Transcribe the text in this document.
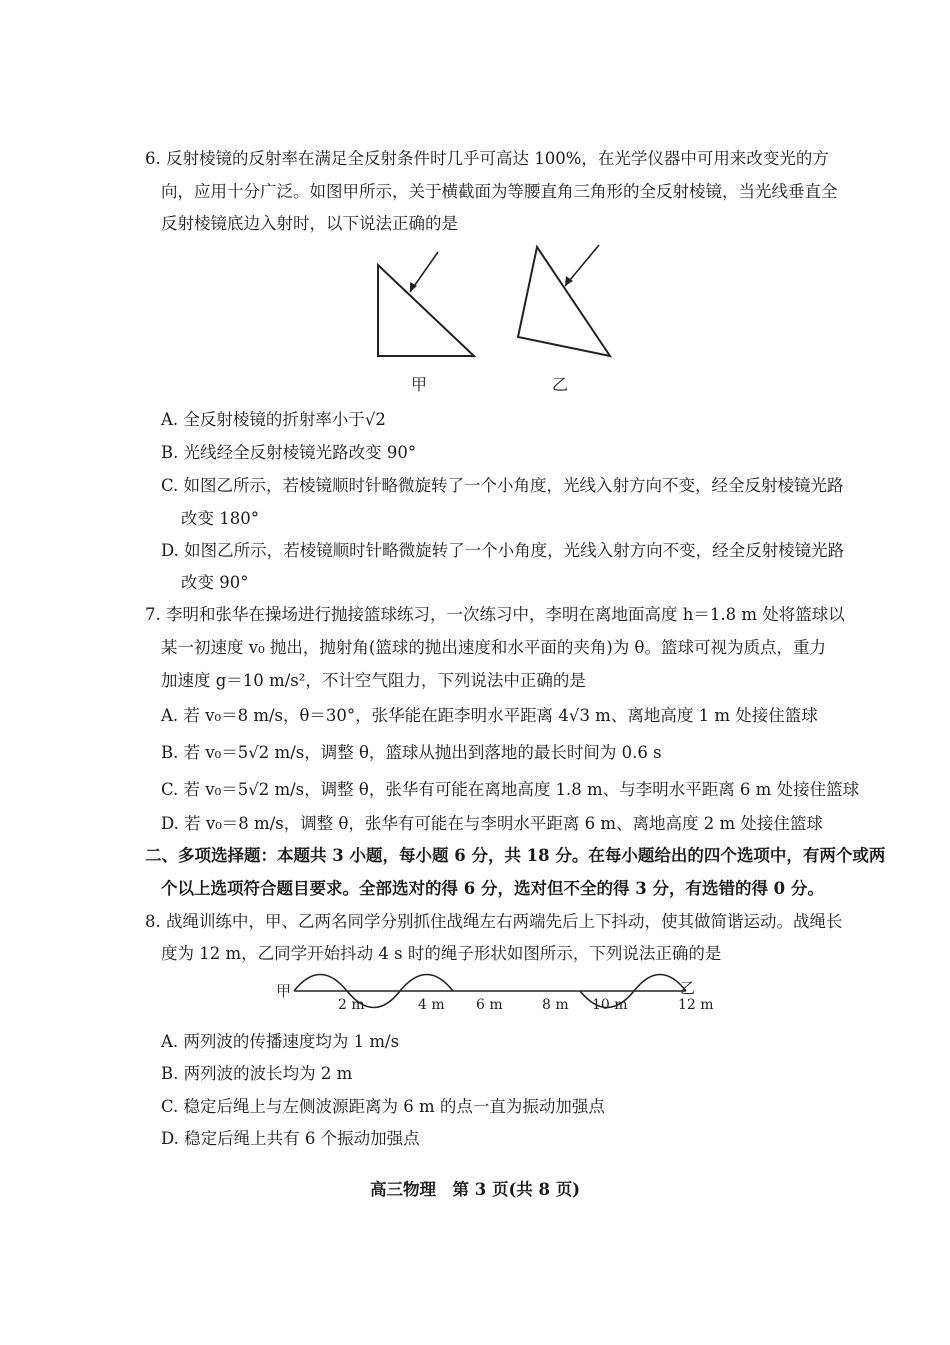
6. 反射棱镜的反射率在满足全反射条件时几乎可高达 100%，在光学仪器中可用来改变光的方
向，应用十分广泛。如图甲所示，关于横截面为等腰直角三角形的全反射棱镜，当光线垂直全
反射棱镜底边入射时，以下说法正确的是
甲	乙
A. 全反射棱镜的折射率小于√2
B. 光线经全反射棱镜光路改变 90°
C. 如图乙所示，若棱镜顺时针略微旋转了一个小角度，光线入射方向不变，经全反射棱镜光路
改变 180°
D. 如图乙所示，若棱镜顺时针略微旋转了一个小角度，光线入射方向不变，经全反射棱镜光路
改变 90°
7. 李明和张华在操场进行抛接篮球练习，一次练习中，李明在离地面高度 h＝1.8 m 处将篮球以
某一初速度 v₀ 抛出，抛射角(篮球的抛出速度和水平面的夹角)为 θ。篮球可视为质点，重力
加速度 g＝10 m/s²，不计空气阻力，下列说法中正确的是
A. 若 v₀＝8 m/s，θ＝30°，张华能在距李明水平距离 4√3 m、离地高度 1 m 处接住篮球
B. 若 v₀＝5√2 m/s，调整 θ，篮球从抛出到落地的最长时间为 0.6 s
C. 若 v₀＝5√2 m/s，调整 θ，张华有可能在离地高度 1.8 m、与李明水平距离 6 m 处接住篮球
D. 若 v₀＝8 m/s，调整 θ，张华有可能在与李明水平距离 6 m、离地高度 2 m 处接住篮球
二、多项选择题：本题共 3 小题，每小题 6 分，共 18 分。在每小题给出的四个选项中，有两个或两
个以上选项符合题目要求。全部选对的得 6 分，选对但不全的得 3 分，有选错的得 0 分。
8. 战绳训练中，甲、乙两名同学分别抓住战绳左右两端先后上下抖动，使其做简谐运动。战绳长
度为 12 m，乙同学开始抖动 4 s 时的绳子形状如图所示，下列说法正确的是
甲	乙
2 m	4 m 6 m	8 m 10 m	12 m
A. 两列波的传播速度均为 1 m/s
B. 两列波的波长均为 2 m
C. 稳定后绳上与左侧波源距离为 6 m 的点一直为振动加强点
D. 稳定后绳上共有 6 个振动加强点
高三物理　第 3 页(共 8 页)
